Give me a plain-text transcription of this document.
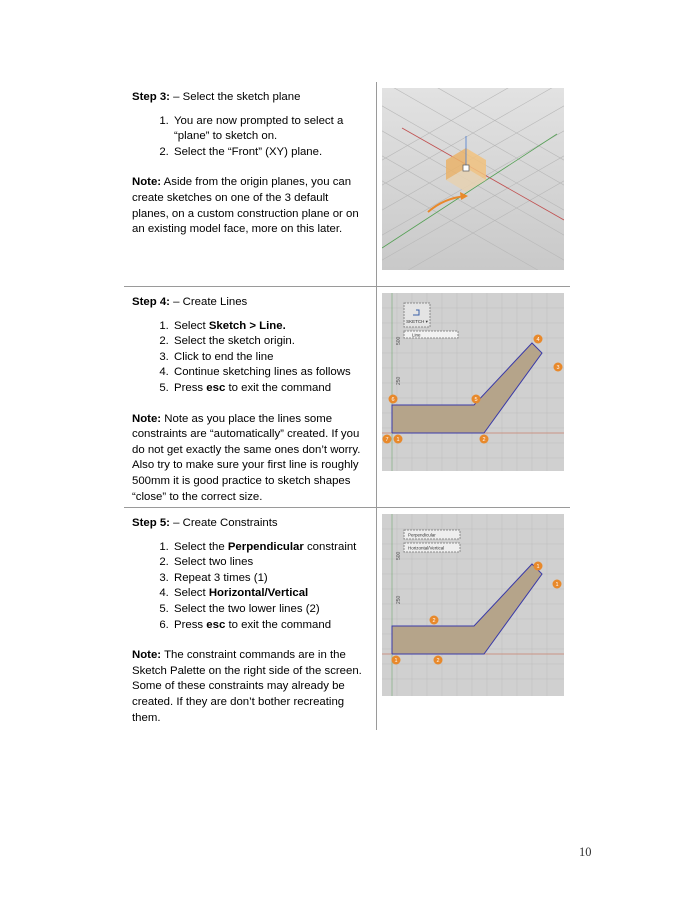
Step 3: – Select the sketch plane

1. You are now prompted to select a “plane” to sketch on.
2. Select the “Front” (XY) plane.

Note: Aside from the origin planes, you can create sketches on one of the 3 default planes, on a custom construction plane or on an existing model face, more on this later.

Step 4: – Create Lines

1. Select Sketch > Line.
2. Select the sketch origin.
3. Click to end the line
4. Continue sketching lines as follows
5. Press esc to exit the command

Note: Note as you place the lines some constraints are “automatically” created. If you do not get exactly the same ones don’t worry. Also try to make sure your first line is roughly 500mm it is good practice to sketch shapes “close” to the correct size.

SKETCH ▾
Line
500
250
1	2
3
4
5
6
7

Step 5: – Create Constraints

1. Select the Perpendicular constraint
2. Select two lines
3. Repeat 3 times (1)
4. Select Horizontal/Vertical
5. Select the two lower lines (2)
6. Press esc to exit the command

Note: The constraint commands are in the Sketch Palette on the right side of the screen. Some of these constraints may already be created. If they are don’t bother recreating them.

Perpendicular
Horizontal/Vertical
500
250
1
1
1
2
2
10
